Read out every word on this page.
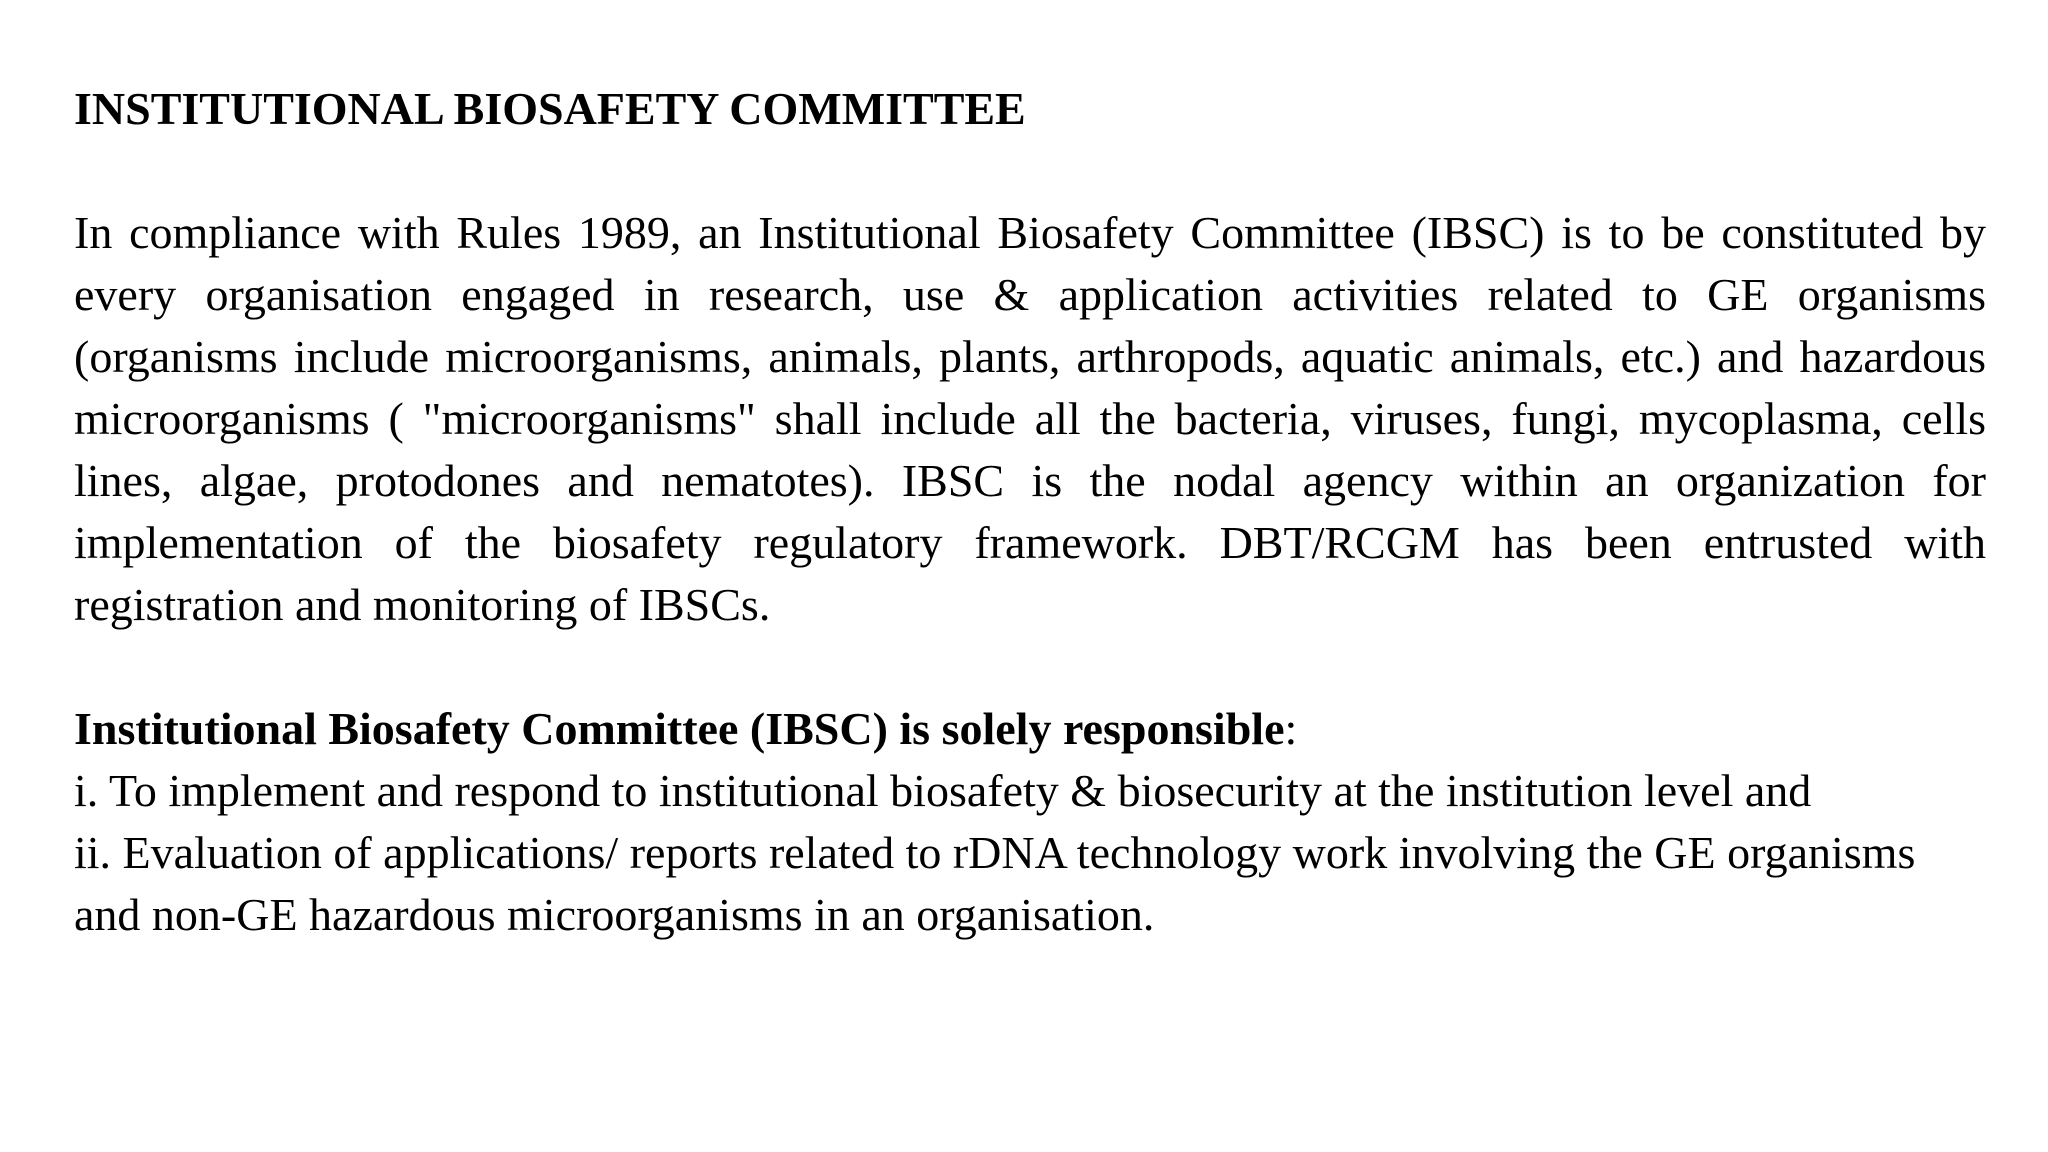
INSTITUTIONAL BIOSAFETY COMMITTEE

In compliance with Rules 1989, an Institutional Biosafety Committee (IBSC) is to be constituted by every organisation engaged in research, use & application activities related to GE organisms (organisms include microorganisms, animals, plants, arthropods, aquatic animals, etc.) and hazardous microorganisms ( "microorganisms" shall include all the bacteria, viruses, fungi, mycoplasma, cells lines, algae, protodones and nematotes). IBSC is the nodal agency within an organization for implementation of the biosafety regulatory framework. DBT/RCGM has been entrusted with registration and monitoring of IBSCs.

Institutional Biosafety Committee (IBSC) is solely responsible:

i. To implement and respond to institutional biosafety & biosecurity at the institution level and
ii. Evaluation of applications/ reports related to rDNA technology work involving the GE organisms and non-GE hazardous microorganisms in an organisation.
